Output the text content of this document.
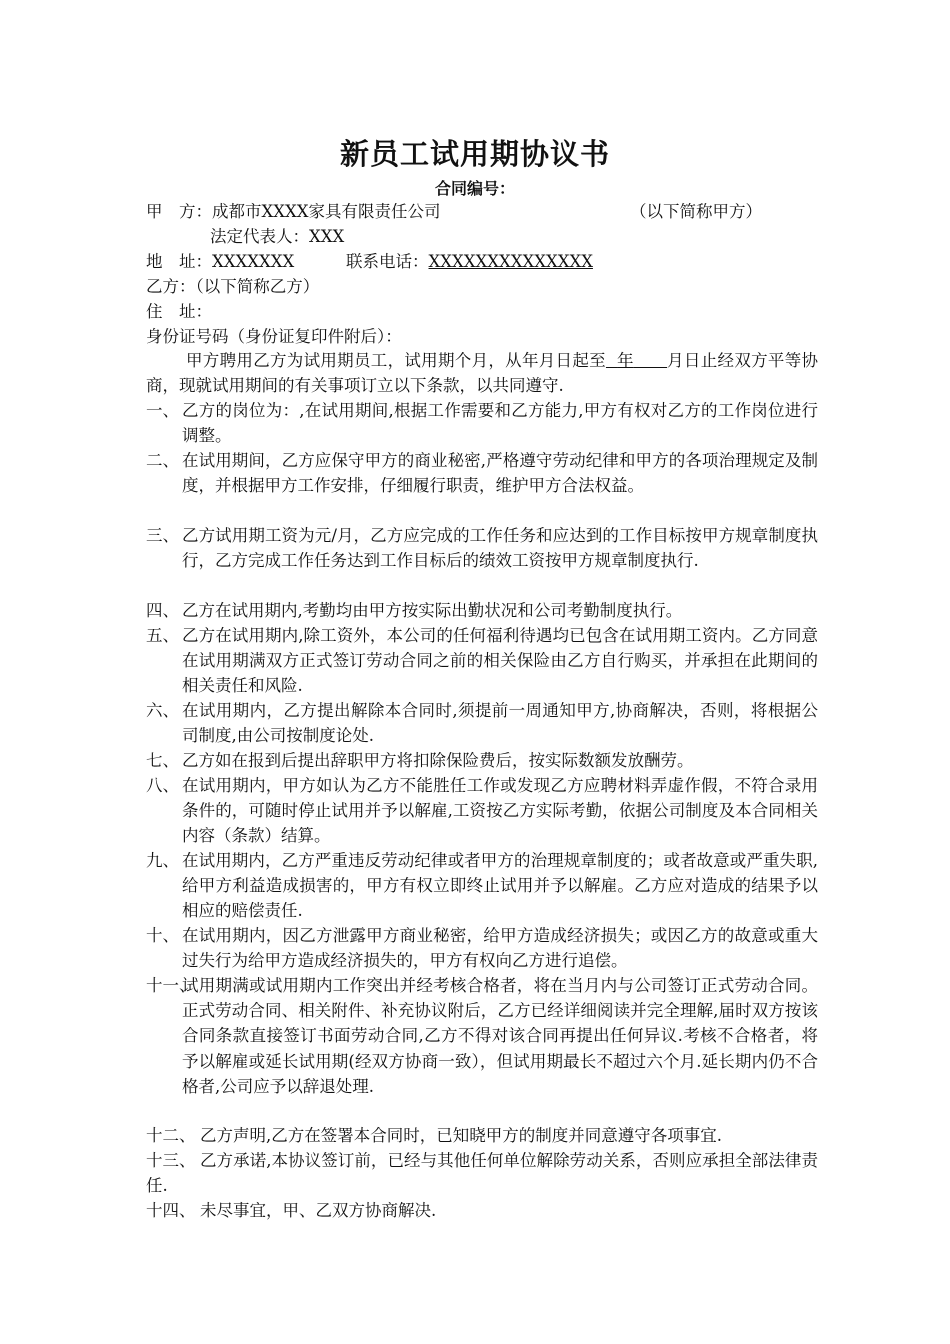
新员工试用期协议书
合同编号：
甲　方：成都市XXXX家具有限责任公司	（以下简称甲方）
法定代表人：XXX
地　址：XXXXXXX	联系电话：XXXXXXXXXXXXXX
乙方：（以下简称乙方）
住　址：
身份证号码（身份证复印件附后）：
甲方聘用乙方为试用期员工，试用期个月，从年月日起至 年 月日止经双方平等协商，现就试用期间的有关事项订立以下条款，以共同遵守.
一、 乙方的岗位为：,在试用期间,根据工作需要和乙方能力,甲方有权对乙方的工作岗位进行调整。
二、 在试用期间，乙方应保守甲方的商业秘密,严格遵守劳动纪律和甲方的各项治理规定及制度，并根据甲方工作安排，仔细履行职责，维护甲方合法权益。
三、 乙方试用期工资为元/月，乙方应完成的工作任务和应达到的工作目标按甲方规章制度执行，乙方完成工作任务达到工作目标后的绩效工资按甲方规章制度执行.
四、 乙方在试用期内,考勤均由甲方按实际出勤状况和公司考勤制度执行。
五、 乙方在试用期内,除工资外，本公司的任何福利待遇均已包含在试用期工资内。乙方同意在试用期满双方正式签订劳动合同之前的相关保险由乙方自行购买，并承担在此期间的相关责任和风险.
六、 在试用期内，乙方提出解除本合同时,须提前一周通知甲方,协商解决，否则，将根据公司制度,由公司按制度论处.
七、 乙方如在报到后提出辞职甲方将扣除保险费后，按实际数额发放酬劳。
八、 在试用期内，甲方如认为乙方不能胜任工作或发现乙方应聘材料弄虚作假，不符合录用条件的，可随时停止试用并予以解雇,工资按乙方实际考勤，依据公司制度及本合同相关内容（条款）结算。
九、 在试用期内，乙方严重违反劳动纪律或者甲方的治理规章制度的；或者故意或严重失职,给甲方利益造成损害的，甲方有权立即终止试用并予以解雇。乙方应对造成的结果予以相应的赔偿责任.
十、 在试用期内，因乙方泄露甲方商业秘密，给甲方造成经济损失；或因乙方的故意或重大过失行为给甲方造成经济损失的，甲方有权向乙方进行追偿。
十一、
试用期满或试用期内工作突出并经考核合格者，将在当月内与公司签订正式劳动合同。正式劳动合同、相关附件、补充协议附后，乙方已经详细阅读并完全理解,届时双方按该合同条款直接签订书面劳动合同,乙方不得对该合同再提出任何异议.考核不合格者，将予以解雇或延长试用期(经双方协商一致），但试用期最长不超过六个月.延长期内仍不合格者,公司应予以辞退处理.
十二、 乙方声明,乙方在签署本合同时，已知晓甲方的制度并同意遵守各项事宜.
十三、 乙方承诺,本协议签订前，已经与其他任何单位解除劳动关系，否则应承担全部法律责任.
十四、 未尽事宜，甲、乙双方协商解决.
